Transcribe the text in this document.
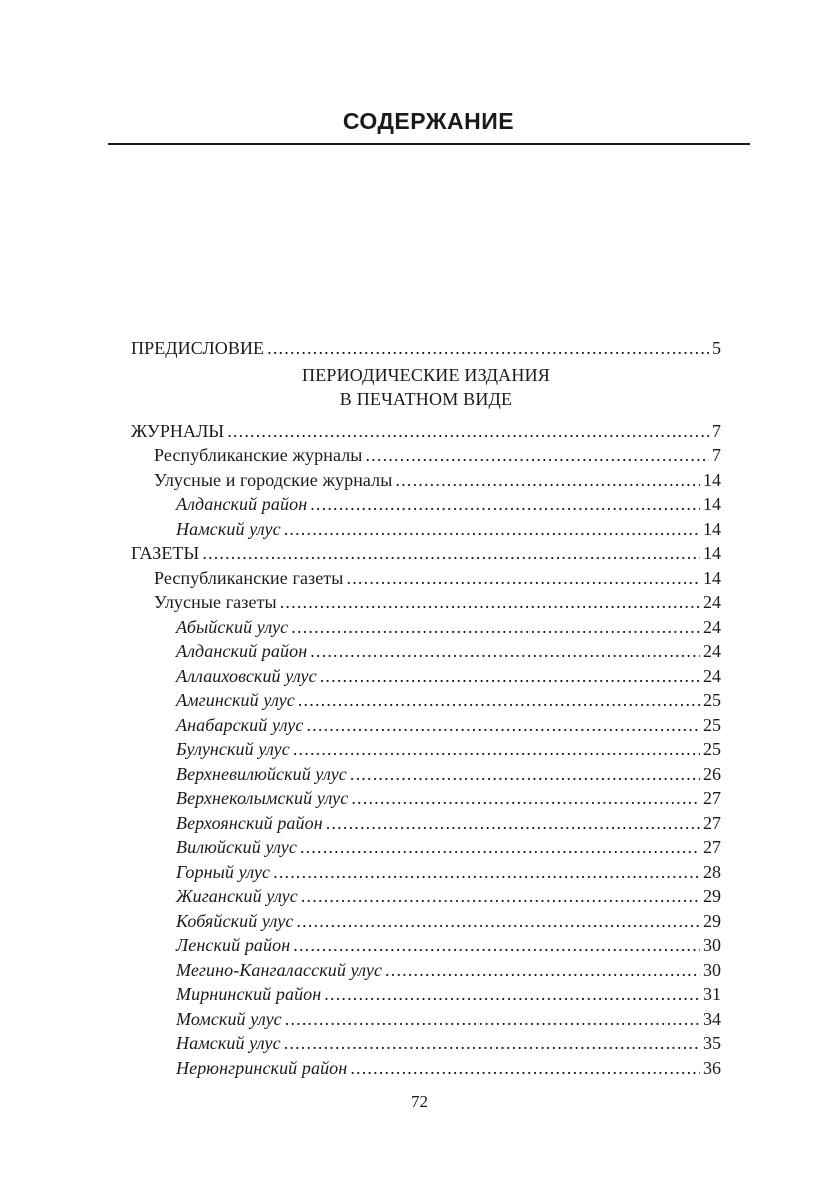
СОДЕРЖАНИЕ
ПРЕДИСЛОВИЕ .....	5
ПЕРИОДИЧЕСКИЕ ИЗДАНИЯ
В ПЕЧАТНОМ ВИДЕ
ЖУРНАЛЫ .....	7
Республиканские журналы .....	7
Улусные и городские журналы .....	14
Алданский район .....	14
Намский улус .....	14
ГАЗЕТЫ .....	14
Республиканские газеты .....	14
Улусные газеты .....	24
Абыйский улус .....	24
Алданский район .....	24
Аллаиховский улус .....	24
Амгинский улус .....	25
Анабарский улус .....	25
Булунский улус .....	25
Верхневилюйский улус .....	26
Верхнеколымский улус .....	27
Верхоянский район .....	27
Вилюйский улус .....	27
Горный улус .....	28
Жиганский улус .....	29
Кобяйский улус .....	29
Ленский район .....	30
Мегино-Кангаласский улус .....	30
Мирнинский район .....	31
Момский улус .....	34
Намский улус .....	35
Нерюнгринский район .....	36
72
